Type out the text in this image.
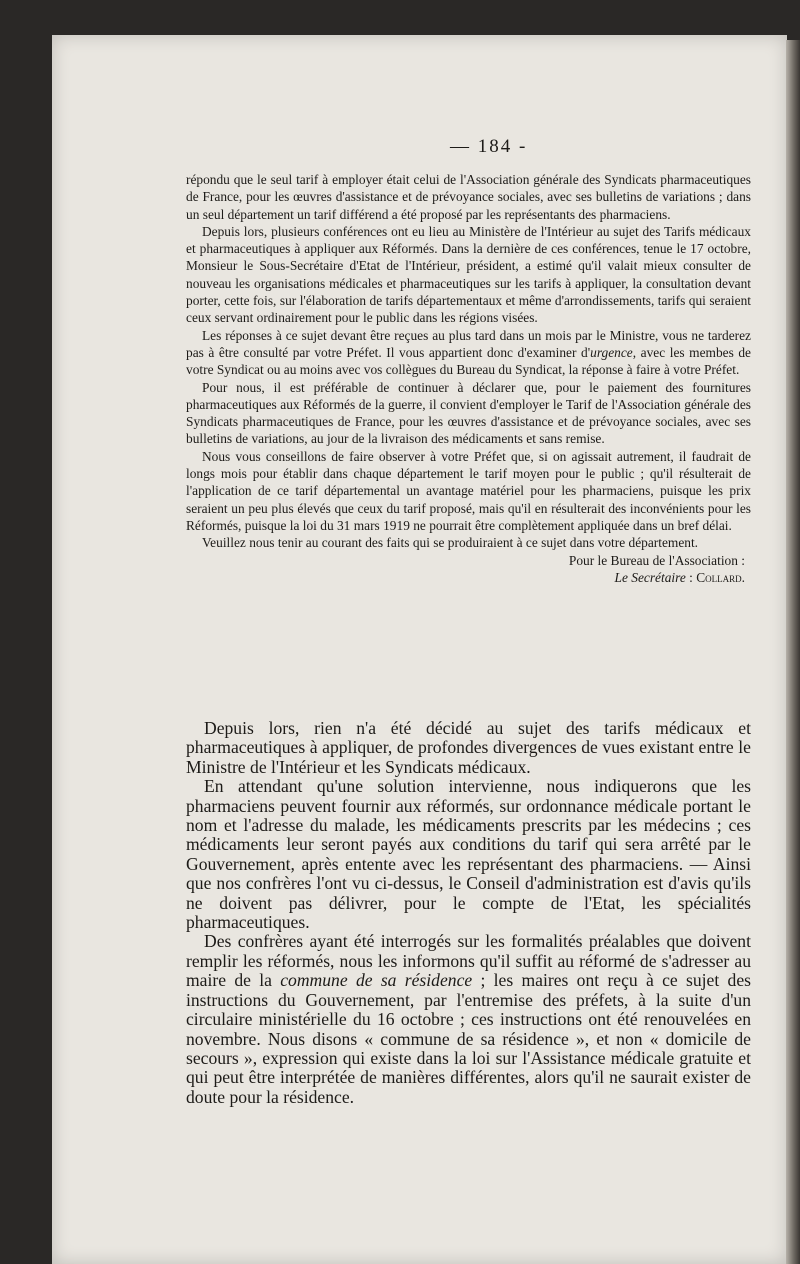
— 184 -

répondu que le seul tarif à employer était celui de l'Association générale des Syndicats pharmaceutiques de France, pour les œuvres d'assistance et de prévoyance sociales, avec ses bulletins de variations ; dans un seul département un tarif différend a été proposé par les représentants des pharmaciens.

Depuis lors, plusieurs conférences ont eu lieu au Ministère de l'Intérieur au sujet des Tarifs médicaux et pharmaceutiques à appliquer aux Réformés. Dans la dernière de ces conférences, tenue le 17 octobre, Monsieur le Sous-Secrétaire d'Etat de l'Intérieur, président, a estimé qu'il valait mieux consulter de nouveau les organisations médicales et pharmaceutiques sur les tarifs à appliquer, la consultation devant porter, cette fois, sur l'élaboration de tarifs départementaux et même d'arrondissements, tarifs qui seraient ceux servant ordinairement pour le public dans les régions visées.

Les réponses à ce sujet devant être reçues au plus tard dans un mois par le Ministre, vous ne tarderez pas à être consulté par votre Préfet. Il vous appartient donc d'examiner d'urgence, avec les membes de votre Syndicat ou au moins avec vos collègues du Bureau du Syndicat, la réponse à faire à votre Préfet.

Pour nous, il est préférable de continuer à déclarer que, pour le paiement des fournitures pharmaceutiques aux Réformés de la guerre, il convient d'employer le Tarif de l'Association générale des Syndicats pharmaceutiques de France, pour les œuvres d'assistance et de prévoyance sociales, avec ses bulletins de variations, au jour de la livraison des médicaments et sans remise.

Nous vous conseillons de faire observer à votre Préfet que, si on agissait autrement, il faudrait de longs mois pour établir dans chaque département le tarif moyen pour le public ; qu'il résulterait de l'application de ce tarif départemental un avantage matériel pour les pharmaciens, puisque les prix seraient un peu plus élevés que ceux du tarif proposé, mais qu'il en résulterait des inconvénients pour les Réformés, puisque la loi du 31 mars 1919 ne pourrait être complètement appliquée dans un bref délai.

Veuillez nous tenir au courant des faits qui se produiraient à ce sujet dans votre département.

Pour le Bureau de l'Association :
Le Secrétaire : Collard.

Depuis lors, rien n'a été décidé au sujet des tarifs médicaux et pharmaceutiques à appliquer, de profondes divergences de vues existant entre le Ministre de l'Intérieur et les Syndicats médicaux.

En attendant qu'une solution intervienne, nous indiquerons que les pharmaciens peuvent fournir aux réformés, sur ordonnance médicale portant le nom et l'adresse du malade, les médicaments prescrits par les médecins ; ces médicaments leur seront payés aux conditions du tarif qui sera arrêté par le Gouvernement, après entente avec les représentant des pharmaciens. — Ainsi que nos confrères l'ont vu ci-dessus, le Conseil d'administration est d'avis qu'ils ne doivent pas délivrer, pour le compte de l'Etat, les spécialités pharmaceutiques.

Des confrères ayant été interrogés sur les formalités préalables que doivent remplir les réformés, nous les informons qu'il suffit au réformé de s'adresser au maire de la commune de sa résidence ; les maires ont reçu à ce sujet des instructions du Gouvernement, par l'entremise des préfets, à la suite d'un circulaire ministérielle du 16 octobre ; ces instructions ont été renouvelées en novembre. Nous disons « commune de sa résidence », et non « domicile de secours », expression qui existe dans la loi sur l'Assistance médicale gratuite et qui peut être interprétée de manières différentes, alors qu'il ne saurait exister de doute pour la résidence.
